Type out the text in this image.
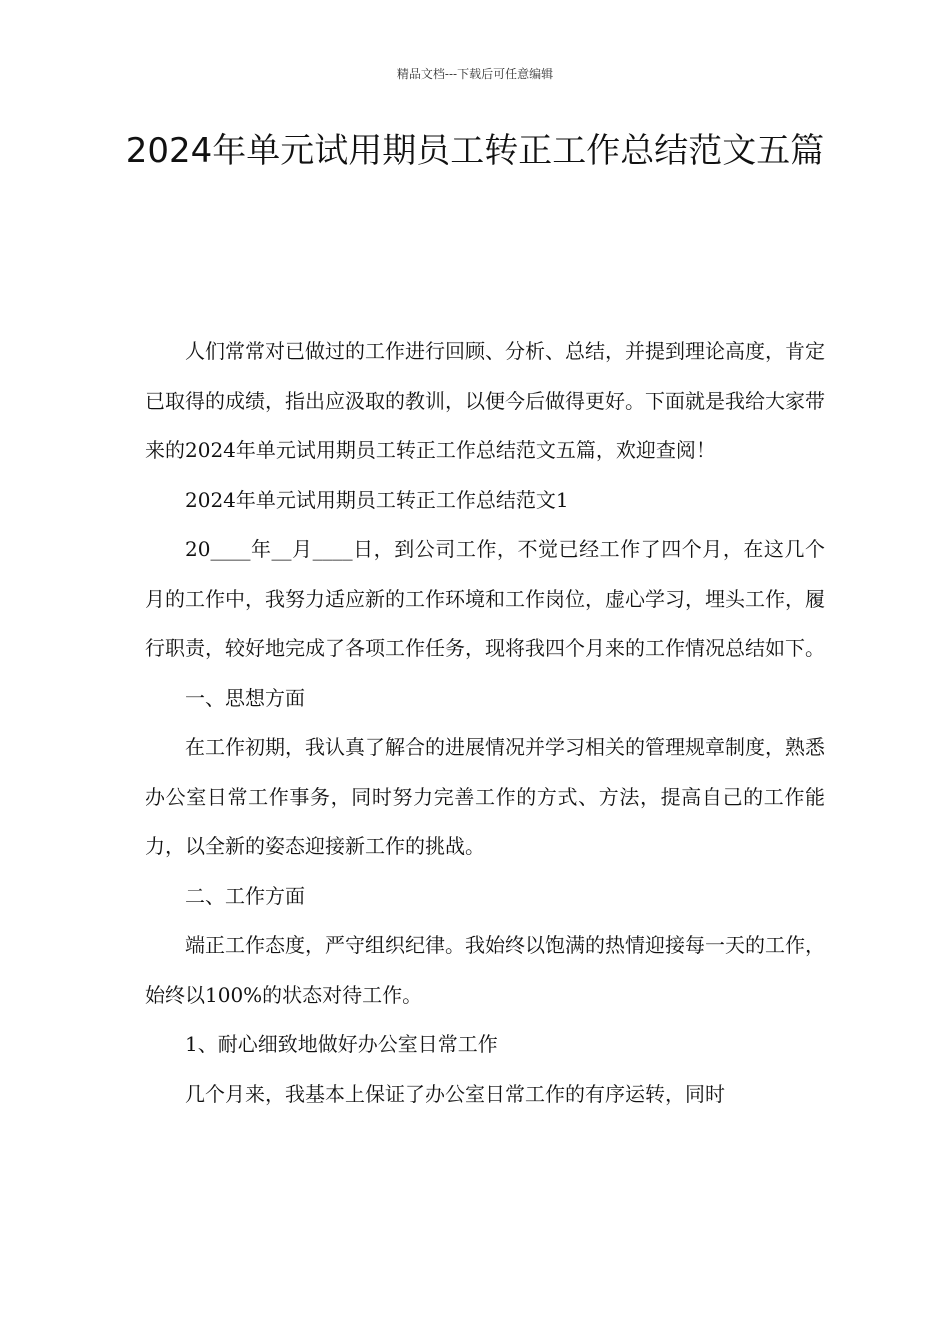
精品文档---下载后可任意编辑
2024年单元试用期员工转正工作总结范文五篇

人们常常对已做过的工作进行回顾、分析、总结，并提到理论高度，肯定已取得的成绩，指出应汲取的教训，以便今后做得更好。下面就是我给大家带来的2024年单元试用期员工转正工作总结范文五篇，欢迎查阅！

2024年单元试用期员工转正工作总结范文1

20____年__月____日，到公司工作，不觉已经工作了四个月，在这几个月的工作中，我努力适应新的工作环境和工作岗位，虚心学习，埋头工作，履行职责，较好地完成了各项工作任务，现将我四个月来的工作情况总结如下。

一、思想方面

在工作初期，我认真了解合的进展情况并学习相关的管理规章制度，熟悉办公室日常工作事务，同时努力完善工作的方式、方法，提高自己的工作能力，以全新的姿态迎接新工作的挑战。

二、工作方面

端正工作态度，严守组织纪律。我始终以饱满的热情迎接每一天的工作，始终以100%的状态对待工作。

1、耐心细致地做好办公室日常工作

几个月来，我基本上保证了办公室日常工作的有序运转，同时
